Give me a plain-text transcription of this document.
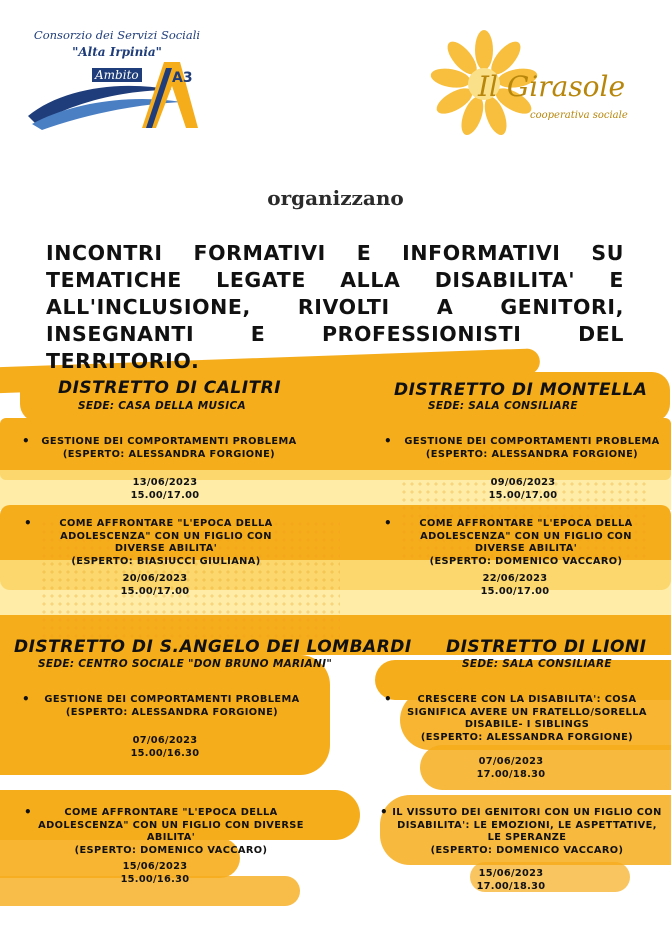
Consorzio dei Servizi Sociali
"Alta Irpinia"
Ambito A3	Il Girasole
cooperativa sociale
organizzano
INCONTRI FORMATIVI E INFORMATIVI SU TEMATICHE LEGATE ALLA DISABILITA' E ALL'INCLUSIONE, RIVOLTI A GENITORI, INSEGNANTI E PROFESSIONISTI DEL TERRITORIO.
DISTRETTO DI CALITRI
SEDE: CASA DELLA MUSICA
• GESTIONE DEI COMPORTAMENTI PROBLEMA
(ESPERTO: ALESSANDRA FORGIONE)
13/06/2023
15.00/17.00
•	COME AFFRONTARE "L'EPOCA DELLA ADOLESCENZA" CON UN FIGLIO CON DIVERSE ABILITA'
(ESPERTO: BIASIUCCI GIULIANA)
20/06/2023
15.00/17.00
DISTRETTO DI MONTELLA
SEDE: SALA CONSILIARE
• GESTIONE DEI COMPORTAMENTI PROBLEMA
(ESPERTO: ALESSANDRA FORGIONE)
09/06/2023
15.00/17.00
•	COME AFFRONTARE "L'EPOCA DELLA ADOLESCENZA" CON UN FIGLIO CON DIVERSE ABILITA'
(ESPERTO: DOMENICO VACCARO)
22/06/2023
15.00/17.00
DISTRETTO DI S.ANGELO DEI LOMBARDI
SEDE: CENTRO SOCIALE "DON BRUNO MARIANI"
• GESTIONE DEI COMPORTAMENTI PROBLEMA
(ESPERTO: ALESSANDRA FORGIONE)
07/06/2023
15.00/16.30
•	COME AFFRONTARE "L'EPOCA DELLA ADOLESCENZA" CON UN FIGLIO CON DIVERSE ABILITA'
(ESPERTO: DOMENICO VACCARO)
15/06/2023
15.00/16.30
DISTRETTO DI LIONI
SEDE: SALA CONSILIARE
•	CRESCERE CON LA DISABILITA': COSA SIGNIFICA AVERE UN FRATELLO/SORELLA DISABILE- I SIBLINGS
(ESPERTO: ALESSANDRA FORGIONE)
07/06/2023
17.00/18.30
• IL VISSUTO DEI GENITORI CON UN FIGLIO CON DISABILITA': LE EMOZIONI, LE ASPETTATIVE, LE SPERANZE
(ESPERTO: DOMENICO VACCARO)
15/06/2023
17.00/18.30
